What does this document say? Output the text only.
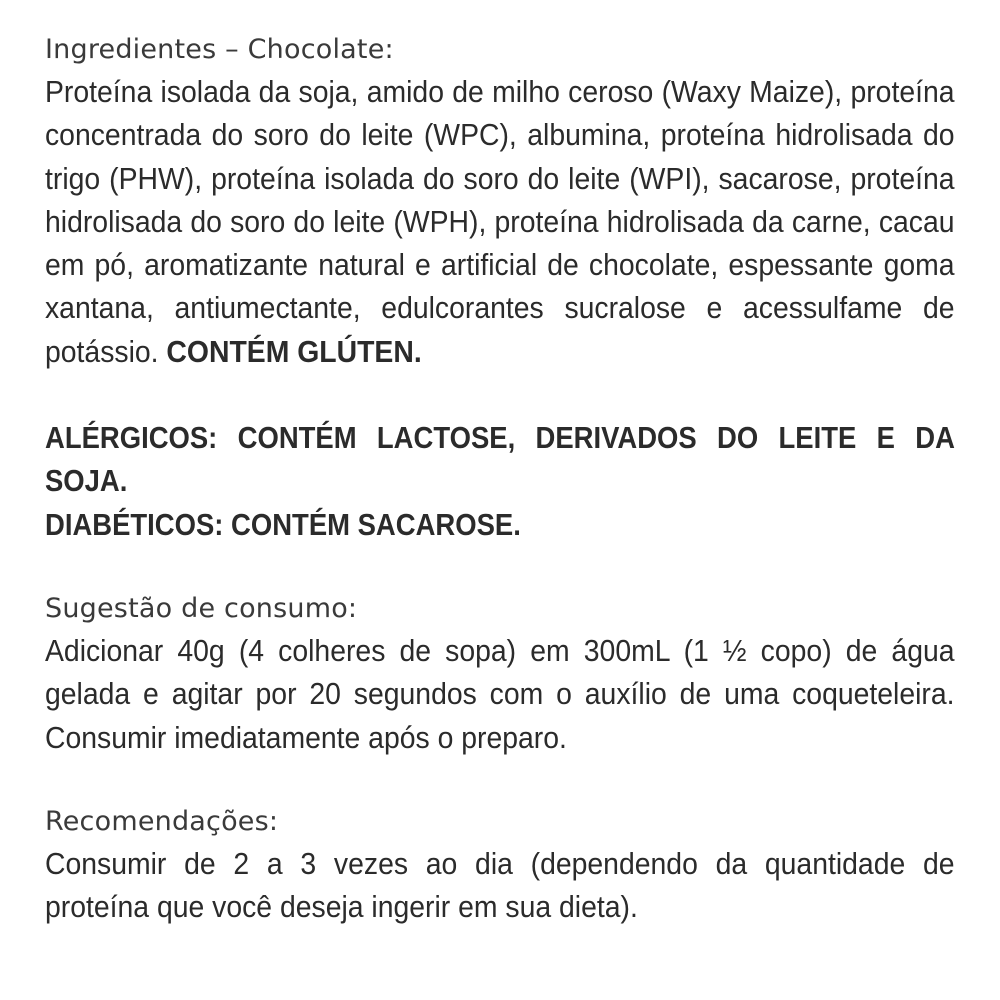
Ingredientes – Chocolate:

Proteína isolada da soja, amido de milho ceroso (Waxy Maize), proteína concentrada do soro do leite (WPC), albumina, proteína hidrolisada do trigo (PHW), proteína isolada do soro do leite (WPI), sacarose, proteína hidrolisada do soro do leite (WPH), proteína hidrolisada da carne, cacau em pó, aromatizante natural e artificial de chocolate, espessante goma xantana, antiumectante, edulcorantes sucralose e acessulfame de potássio. CONTÉM GLÚTEN.

ALÉRGICOS: CONTÉM LACTOSE, DERIVADOS DO LEITE E DA SOJA.

DIABÉTICOS: CONTÉM SACAROSE.

Sugestão de consumo:

Adicionar 40g (4 colheres de sopa) em 300mL (1 ½ copo) de água gelada e agitar por 20 segundos com o auxílio de uma coqueteleira. Consumir imediatamente após o preparo.

Recomendações:

Consumir de 2 a 3 vezes ao dia (dependendo da quantidade de proteína que você deseja ingerir em sua dieta).
